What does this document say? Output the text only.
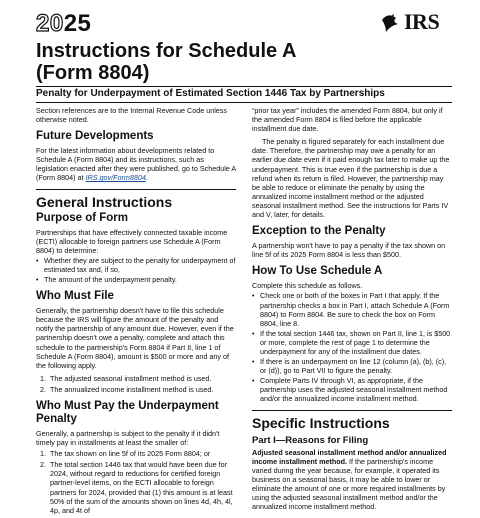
2025	IRS
Instructions for Schedule A
(Form 8804)
Penalty for Underpayment of Estimated Section 1446 Tax by Partnerships

Section references are to the Internal Revenue Code unless otherwise noted.

Future Developments

For the latest information about developments related to Schedule A (Form 8804) and its instructions, such as legislation enacted after they were published, go to Schedule A (Form 8804) at IRS.gov/Form8804.

General Instructions
Purpose of Form

Partnerships that have effectively connected taxable income (ECTI) allocable to foreign partners use Schedule A (Form 8804) to determine:

• Whether they are subject to the penalty for underpayment of estimated tax and, if so,
• The amount of the underpayment penalty.
Who Must File

Generally, the partnership doesn't have to file this schedule because the IRS will figure the amount of the penalty and notify the partnership of any amount due. However, even if the partnership doesn't owe a penalty, complete and attach this schedule to the partnership's Form 8804 if Part II, line 1 of Schedule A (Form 8804), amount is $500 or more and any of the following apply.

1. The adjusted seasonal installment method is used.
2. The annualized income installment method is used.
Who Must Pay the Underpayment Penalty

Generally, a partnership is subject to the penalty if it didn't timely pay in installments at least the smaller of:

1. The tax shown on line 5f of its 2025 Form 8804; or
2. The total section 1446 tax that would have been due for 2024, without regard to reductions for certified foreign partner-level items, on the ECTI allocable to foreign partners for 2024, provided that (1) this amount is at least 50% of the sum of the amounts shown on lines 4d, 4h, 4l, 4p, and 4t of

“prior tax year” includes the amended Form 8804, but only if the amended Form 8804 is filed before the applicable installment due date.

The penalty is figured separately for each installment due date. Therefore, the partnership may owe a penalty for an earlier due date even if it paid enough tax later to make up the underpayment. This is true even if the partnership is due a refund when its return is filed. However, the partnership may be able to reduce or eliminate the penalty by using the annualized income installment method or the adjusted seasonal installment method. See the instructions for Parts IV and V, later, for details.

Exception to the Penalty

A partnership won't have to pay a penalty if the tax shown on line 5f of its 2025 Form 8804 is less than $500.

How To Use Schedule A

Complete this schedule as follows.

• Check one or both of the boxes in Part I that apply. If the partnership checks a box in Part I, attach Schedule A (Form 8804) to Form 8804. Be sure to check the box on Form 8804, line 8.
• If the total section 1446 tax, shown on Part II, line 1, is $500 or more, complete the rest of page 1 to determine the underpayment for any of the installment due dates.
• If there is an underpayment on line 12 (column (a), (b), (c), or (d)), go to Part VII to figure the penalty.
• Complete Parts IV through VI, as appropriate, if the partnership uses the adjusted seasonal installment method and/or the annualized income installment method.
Specific Instructions
Part I—Reasons for Filing

Adjusted seasonal installment method and/or annualized income installment method. If the partnership's income varied during the year because, for example, it operated its business on a seasonal basis, it may be able to lower or eliminate the amount of one or more required installments by using the adjusted seasonal installment method and/or the annualized income installment method.
